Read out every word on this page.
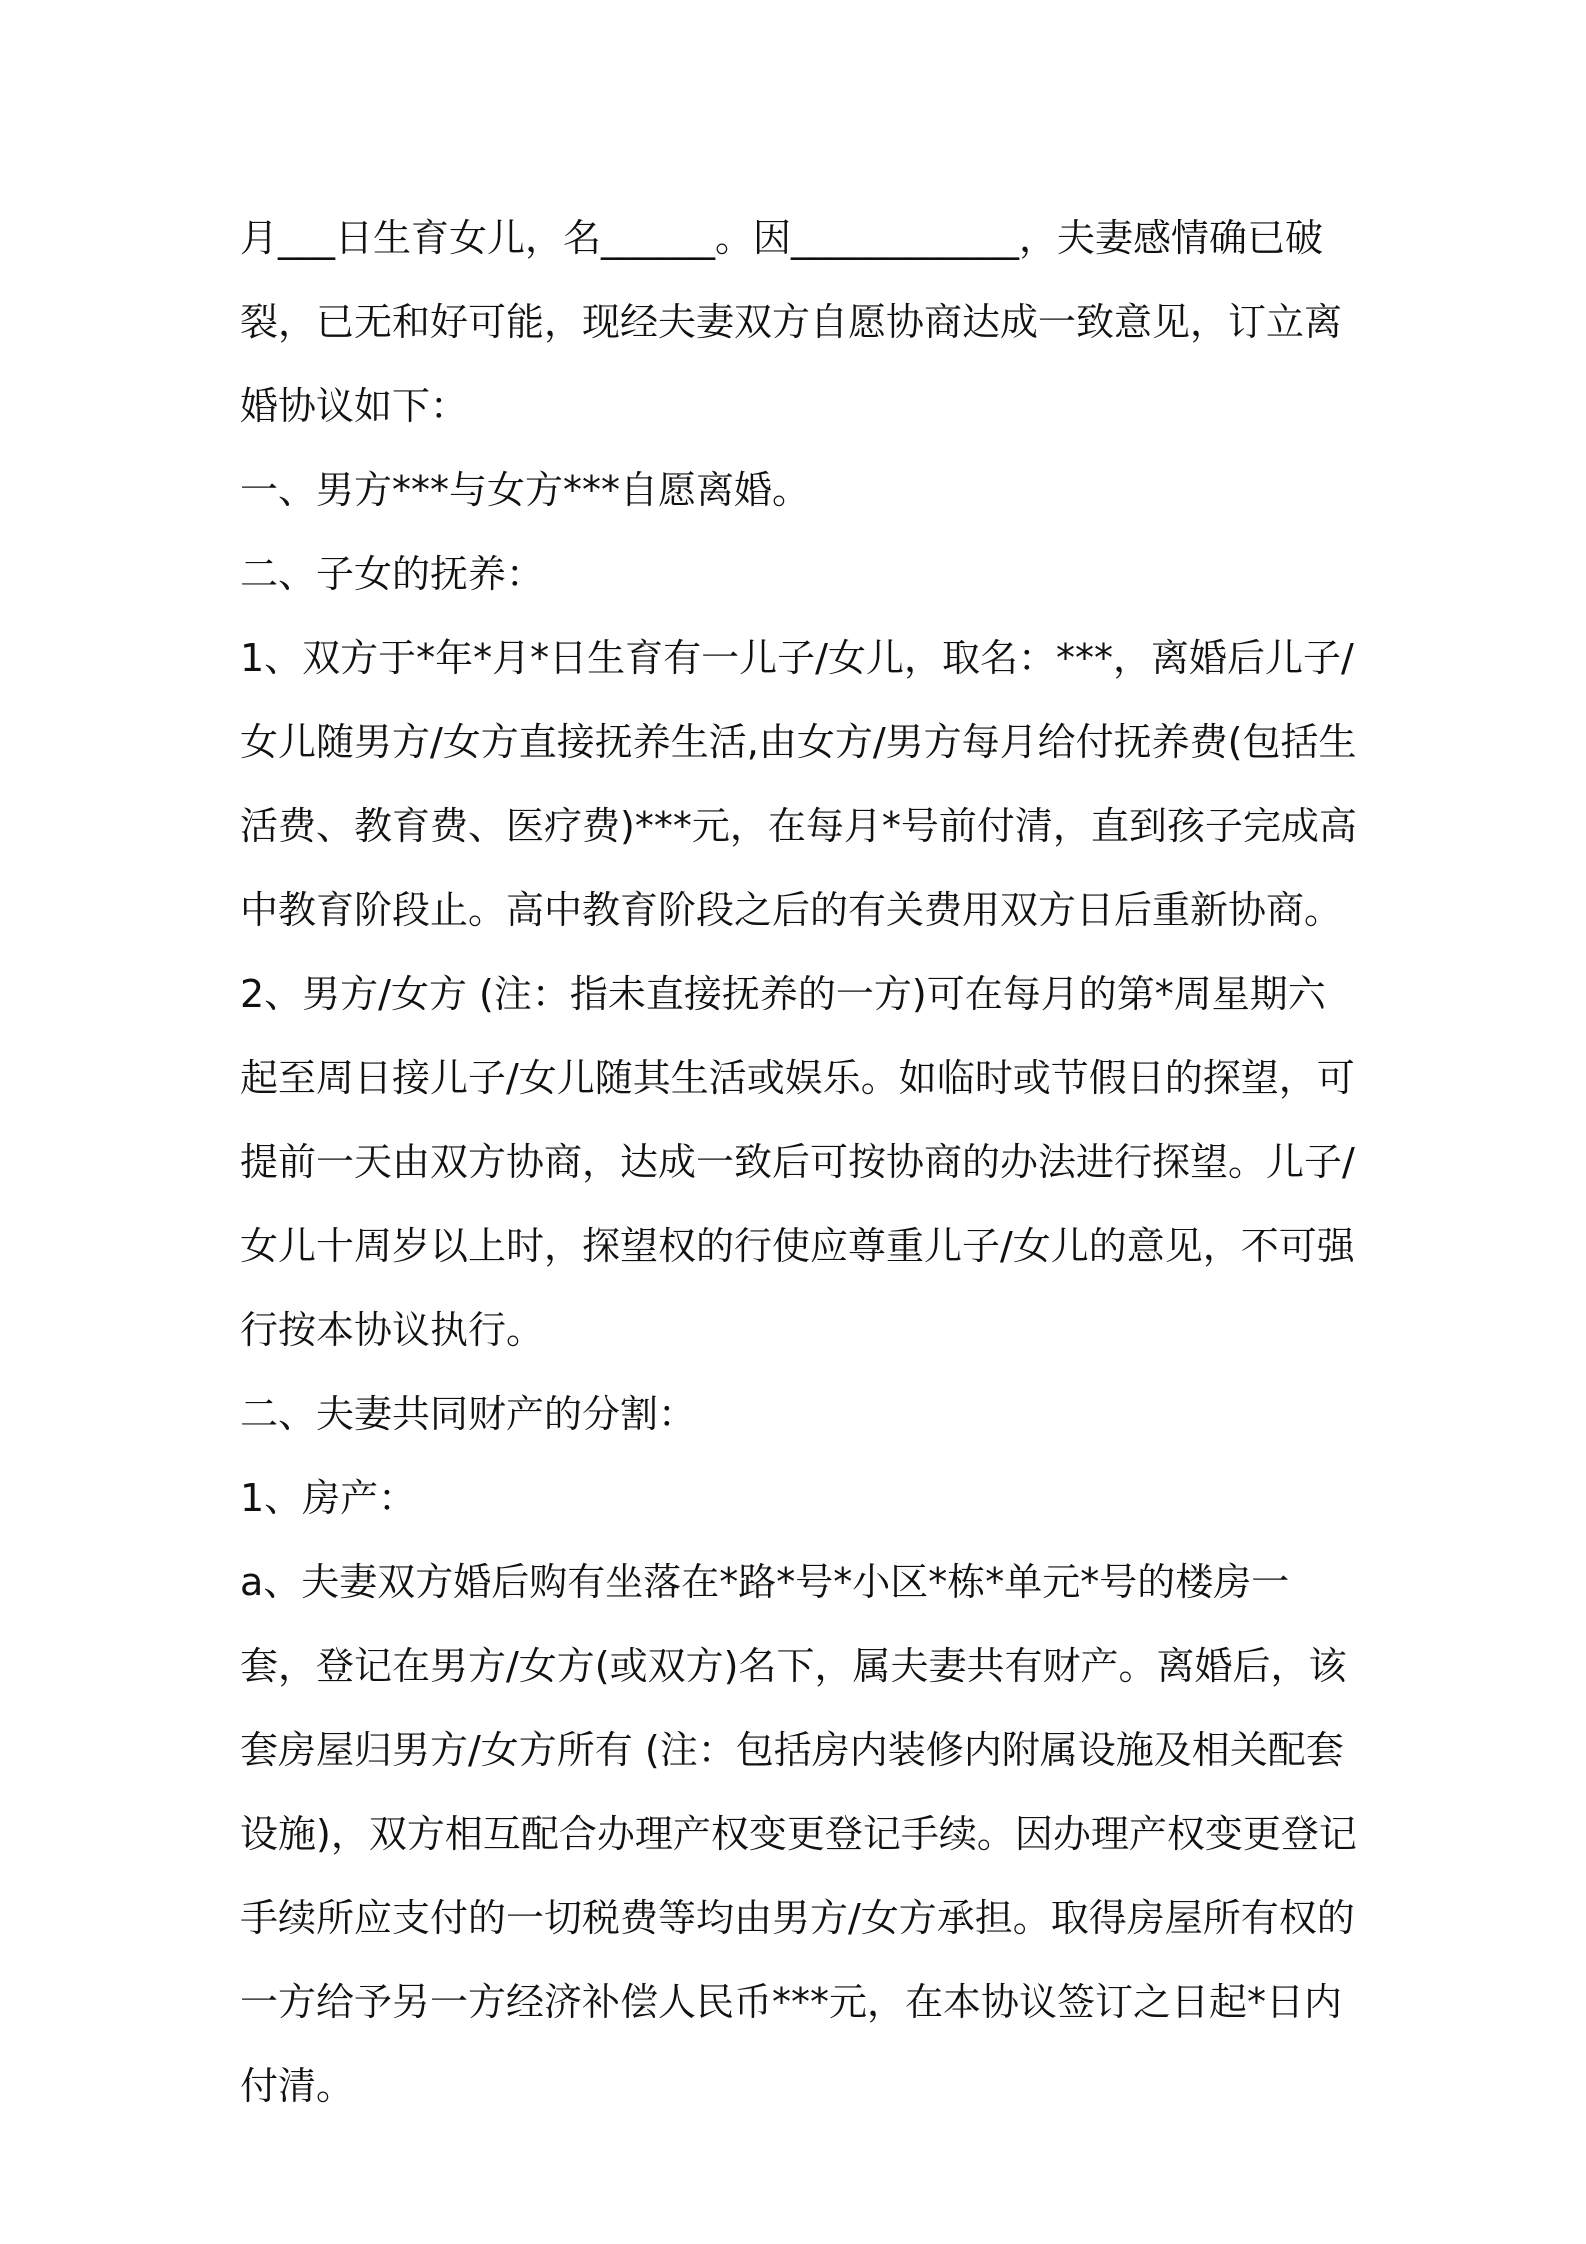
月___日生育女儿，名______。因____________，夫妻感情确已破裂，已无和好可能，现经夫妻双方自愿协商达成一致意见，订立离婚协议如下：

一、男方***与女方***自愿离婚。

二、子女的抚养：

1、双方于*年*月*日生育有一儿子/女儿，取名：***，离婚后儿子/女儿随男方/女方直接抚养生活,由女方/男方每月给付抚养费(包括生活费、教育费、医疗费)***元，在每月*号前付清，直到孩子完成高中教育阶段止。高中教育阶段之后的有关费用双方日后重新协商。

2、男方/女方 (注：指未直接抚养的一方)可在每月的第*周星期六起至周日接儿子/女儿随其生活或娱乐。如临时或节假日的探望，可提前一天由双方协商，达成一致后可按协商的办法进行探望。儿子/女儿十周岁以上时，探望权的行使应尊重儿子/女儿的意见，不可强行按本协议执行。

二、夫妻共同财产的分割：

1、房产：

a、夫妻双方婚后购有坐落在*路*号*小区*栋*单元*号的楼房一套，登记在男方/女方(或双方)名下，属夫妻共有财产。离婚后，该套房屋归男方/女方所有 (注：包括房内装修内附属设施及相关配套设施)，双方相互配合办理产权变更登记手续。因办理产权变更登记手续所应支付的一切税费等均由男方/女方承担。取得房屋所有权的一方给予另一方经济补偿人民币***元，在本协议签订之日起*日内付清。
